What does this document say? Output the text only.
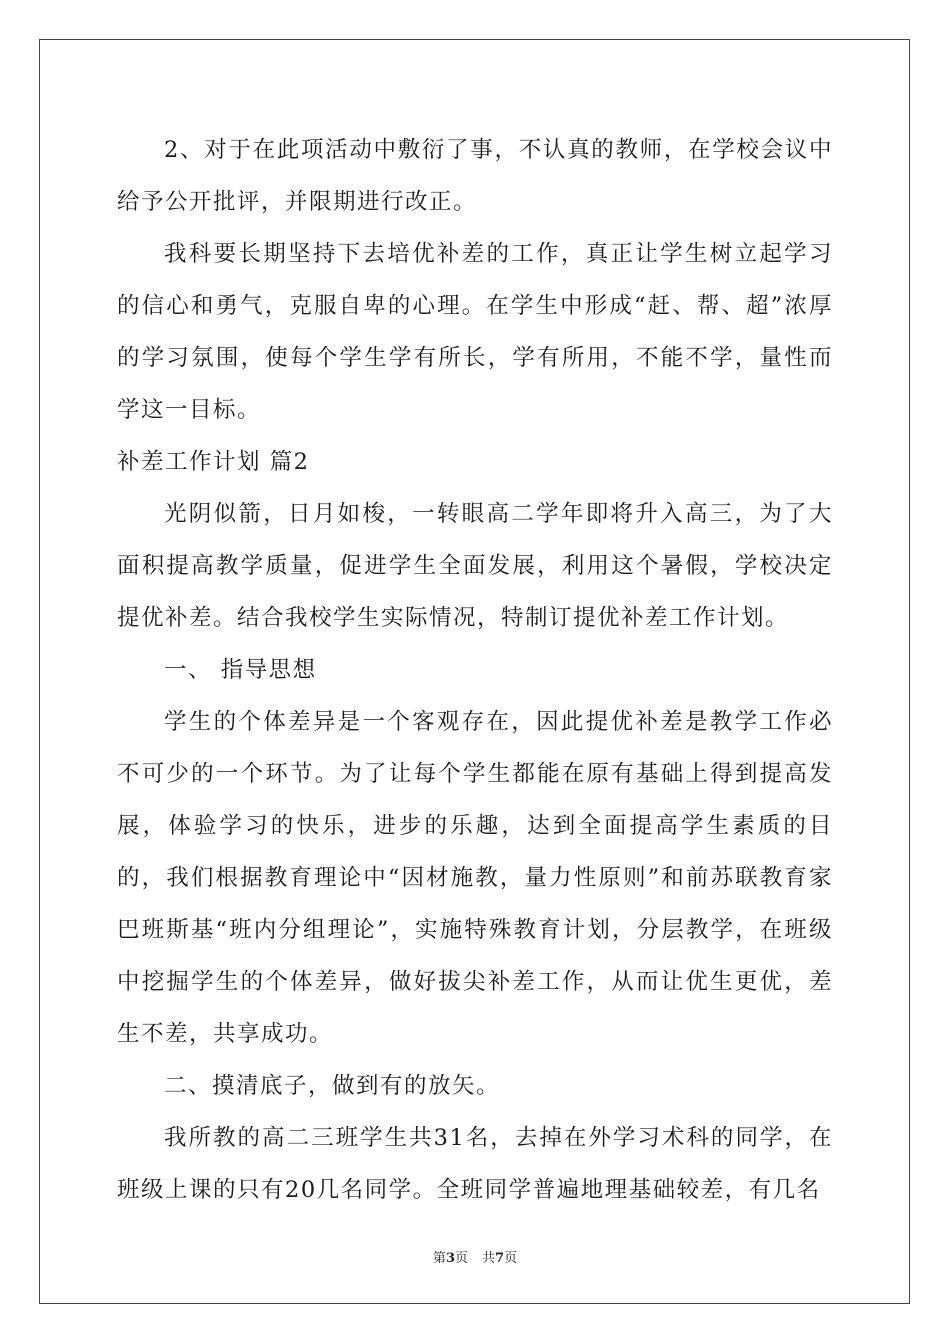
2、对于在此项活动中敷衍了事，不认真的教师，在学校会议中给予公开批评，并限期进行改正。

我科要长期坚持下去培优补差的工作，真正让学生树立起学习的信心和勇气，克服自卑的心理。在学生中形成“赶、帮、超”浓厚的学习氛围，使每个学生学有所长，学有所用，不能不学，量性而学这一目标。

补差工作计划 篇2

光阴似箭，日月如梭，一转眼高二学年即将升入高三，为了大面积提高教学质量，促进学生全面发展，利用这个暑假，学校决定提优补差。结合我校学生实际情况，特制订提优补差工作计划。

一、 指导思想

学生的个体差异是一个客观存在，因此提优补差是教学工作必不可少的一个环节。为了让每个学生都能在原有基础上得到提高发展，体验学习的快乐，进步的乐趣，达到全面提高学生素质的目的，我们根据教育理论中“因材施教，量力性原则”和前苏联教育家巴班斯基“班内分组理论”，实施特殊教育计划，分层教学，在班级中挖掘学生的个体差异，做好拔尖补差工作，从而让优生更优，差生不差，共享成功。

二、摸清底子，做到有的放矢。

我所教的高二三班学生共31名，去掉在外学习术科的同学，在班级上课的只有20几名同学。全班同学普遍地理基础较差，有几名

第3页 共7页
